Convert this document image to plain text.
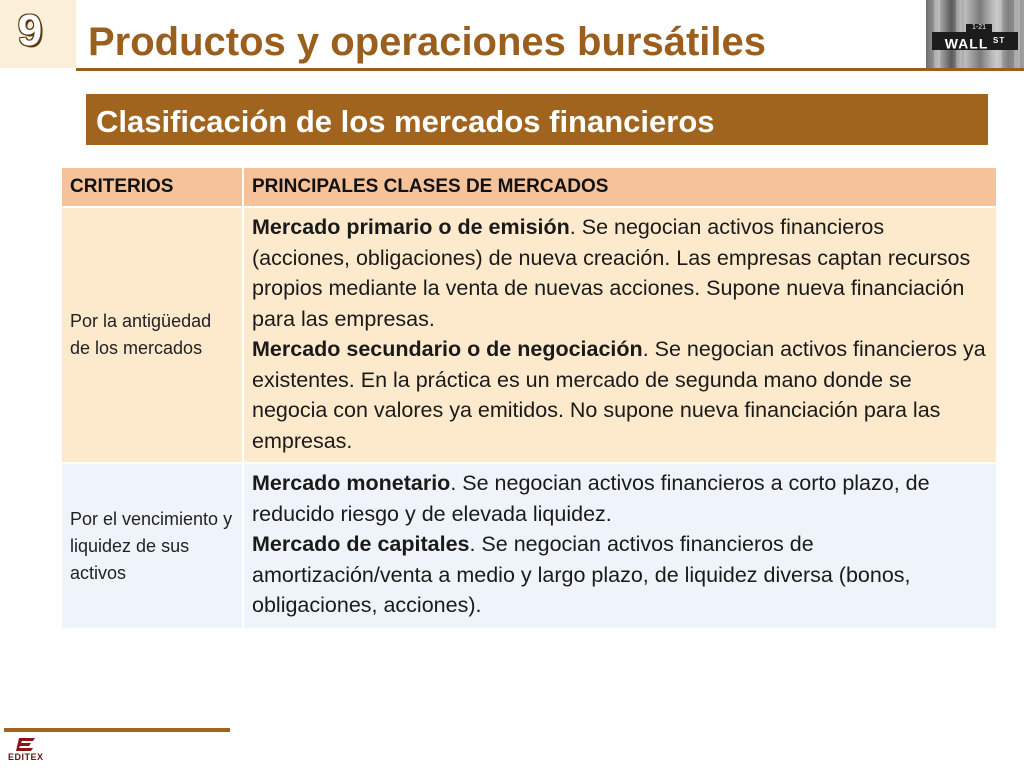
9	Productos y operaciones bursátiles	1-21
WALL $^{ST}$
Clasificación de los mercados financieros
CRITERIOS	PRINCIPALES CLASES DE MERCADOS
Por la antigüedad de los mercados	Mercado primario o de emisión. Se negocian activos financieros (acciones, obligaciones) de nueva creación. Las empresas captan recursos propios mediante la venta de nuevas acciones. Supone nueva financiación para las empresas.
Mercado secundario o de negociación. Se negocian activos financieros ya existentes. En la práctica es un mercado de segunda mano donde se negocia con valores ya emitidos. No supone nueva financiación para las empresas.

Por el vencimiento y liquidez de sus activos	Mercado monetario. Se negocian activos financieros a corto plazo, de reducido riesgo y de elevada liquidez.
Mercado de capitales. Se negocian activos financieros de amortización/venta a medio y largo plazo, de liquidez diversa (bonos, obligaciones, acciones).
EDITEX
